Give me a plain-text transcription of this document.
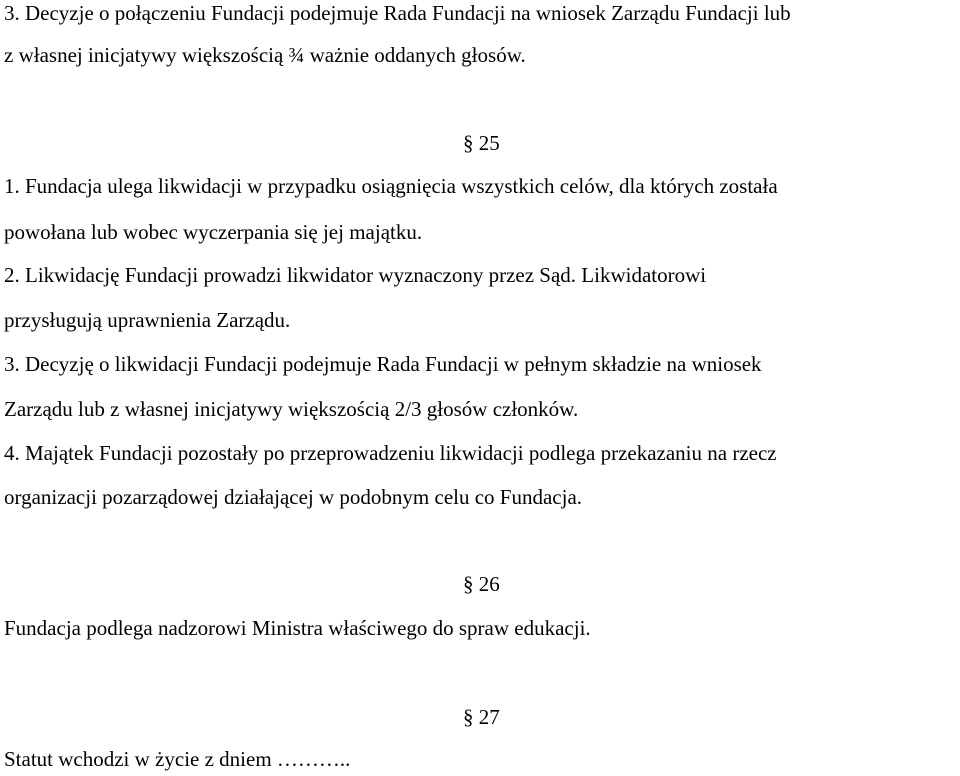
3. Decyzje o połączeniu Fundacji podejmuje Rada Fundacji na wniosek Zarządu Fundacji lub
z własnej inicjatywy większością ¾ ważnie oddanych głosów.
§ 25
1. Fundacja ulega likwidacji w przypadku osiągnięcia wszystkich celów, dla których została
powołana lub wobec wyczerpania się jej majątku.
2. Likwidację Fundacji prowadzi likwidator wyznaczony przez Sąd. Likwidatorowi
przysługują uprawnienia Zarządu.
3. Decyzję o likwidacji Fundacji podejmuje Rada Fundacji w pełnym składzie na wniosek
Zarządu lub z własnej inicjatywy większością 2/3 głosów członków.
4. Majątek Fundacji pozostały po przeprowadzeniu likwidacji podlega przekazaniu na rzecz
organizacji pozarządowej działającej w podobnym celu co Fundacja.
§ 26
Fundacja podlega nadzorowi Ministra właściwego do spraw edukacji.
§ 27
Statut wchodzi w życie z dniem ………..
